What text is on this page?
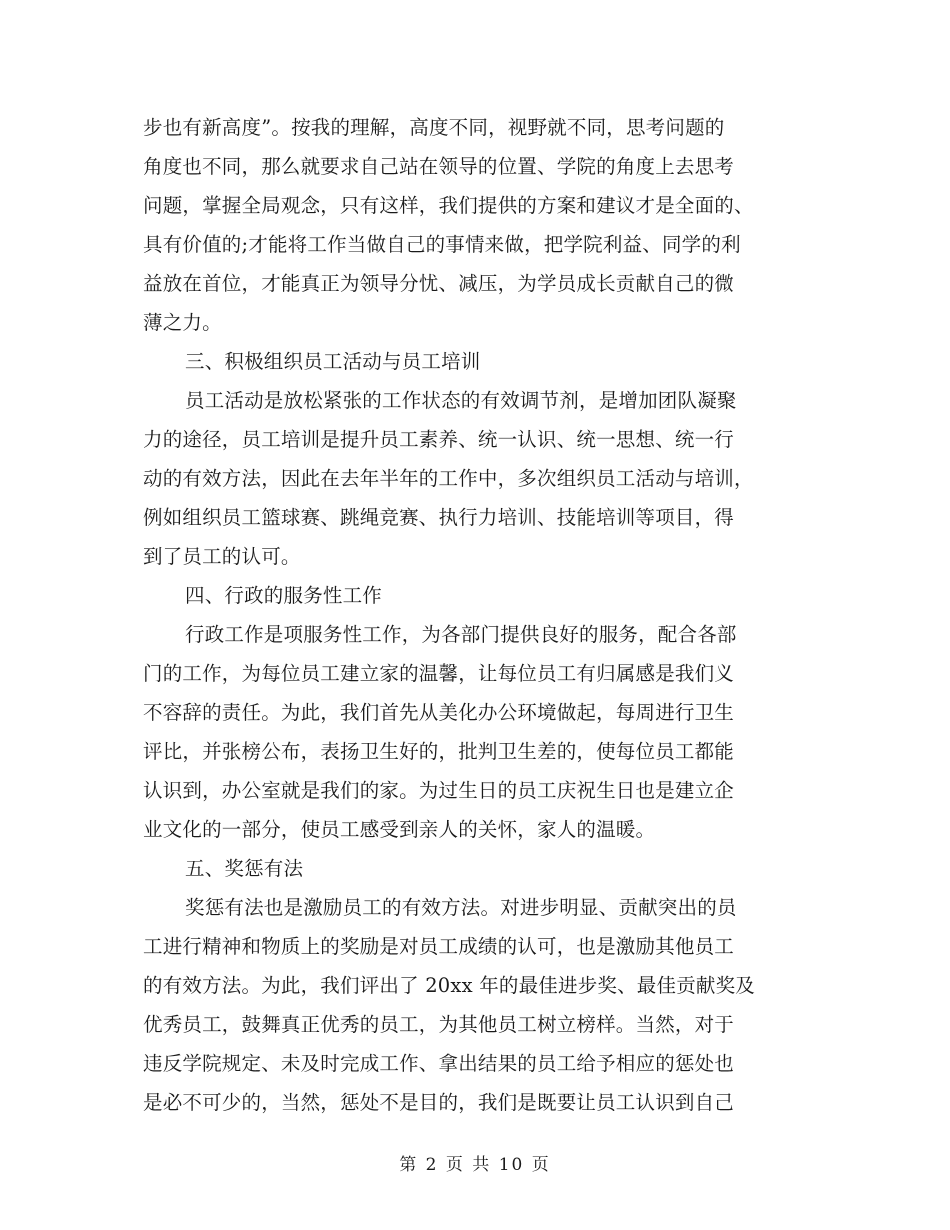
步也有新高度”。按我的理解，高度不同，视野就不同，思考问题的
角度也不同，那么就要求自己站在领导的位置、学院的角度上去思考
问题，掌握全局观念，只有这样，我们提供的方案和建议才是全面的、
具有价值的;才能将工作当做自己的事情来做，把学院利益、同学的利
益放在首位，才能真正为领导分忧、减压，为学员成长贡献自己的微
薄之力。
三、积极组织员工活动与员工培训
员工活动是放松紧张的工作状态的有效调节剂，是增加团队凝聚
力的途径，员工培训是提升员工素养、统一认识、统一思想、统一行
动的有效方法，因此在去年半年的工作中，多次组织员工活动与培训，
例如组织员工篮球赛、跳绳竞赛、执行力培训、技能培训等项目，得
到了员工的认可。
四、行政的服务性工作
行政工作是项服务性工作，为各部门提供良好的服务，配合各部
门的工作，为每位员工建立家的温馨，让每位员工有归属感是我们义
不容辞的责任。为此，我们首先从美化办公环境做起，每周进行卫生
评比，并张榜公布，表扬卫生好的，批判卫生差的，使每位员工都能
认识到，办公室就是我们的家。为过生日的员工庆祝生日也是建立企
业文化的一部分，使员工感受到亲人的关怀，家人的温暖。
五、奖惩有法
奖惩有法也是激励员工的有效方法。对进步明显、贡献突出的员
工进行精神和物质上的奖励是对员工成绩的认可，也是激励其他员工
的有效方法。为此，我们评出了 20xx 年的最佳进步奖、最佳贡献奖及
优秀员工，鼓舞真正优秀的员工，为其他员工树立榜样。当然，对于
违反学院规定、未及时完成工作、拿出结果的员工给予相应的惩处也
是必不可少的，当然，惩处不是目的，我们是既要让员工认识到自己
第 2 页 共 10 页
